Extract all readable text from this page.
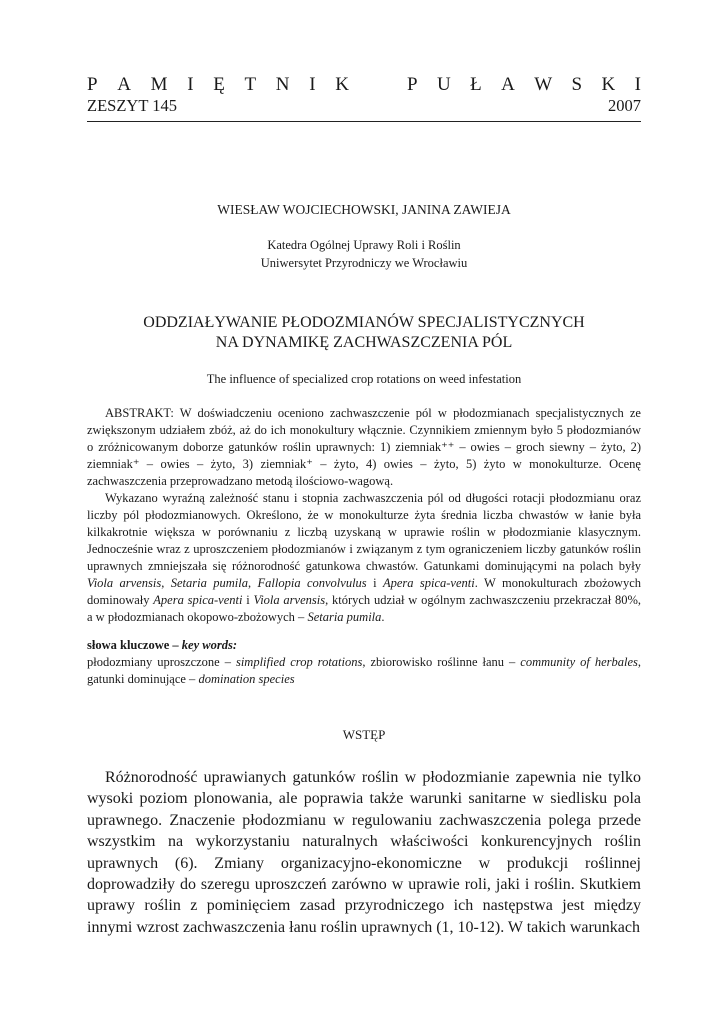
P A M I Ę T N I K	P U Ł A W S K I
ZESZYT 145	2007
WIESŁAW WOJCIECHOWSKI, JANINA ZAWIEJA
Katedra Ogólnej Uprawy Roli i Roślin
Uniwersytet Przyrodniczy we Wrocławiu
ODDZIAŁYWANIE PŁODOZMIANÓW SPECJALISTYCZNYCH
NA DYNAMIKĘ ZACHWASZCZENIA PÓL
The influence of specialized crop rotations on weed infestation

ABSTRAKT: W doświadczeniu oceniono zachwaszczenie pól w płodozmianach specjalistycznych ze zwiększonym udziałem zbóż, aż do ich monokultury włącznie. Czynnikiem zmiennym było 5 płodozmianów o zróżnicowanym doborze gatunków roślin uprawnych: 1) ziemniak⁺⁺ – owies – groch siewny – żyto, 2) ziemniak⁺ – owies – żyto, 3) ziemniak⁺ – żyto, 4) owies – żyto, 5) żyto w monokulturze. Ocenę zachwaszczenia przeprowadzano metodą ilościowo-wagową.

Wykazano wyraźną zależność stanu i stopnia zachwaszczenia pól od długości rotacji płodozmianu oraz liczby pól płodozmianowych. Określono, że w monokulturze żyta średnia liczba chwastów w łanie była kilkakrotnie większa w porównaniu z liczbą uzyskaną w uprawie roślin w płodozmianie klasycznym. Jednocześnie wraz z uproszczeniem płodozmianów i związanym z tym ograniczeniem liczby gatunków roślin uprawnych zmniejszała się różnorodność gatunkowa chwastów. Gatunkami dominującymi na polach były Viola arvensis, Setaria pumila, Fallopia convolvulus i Apera spica-venti. W monokulturach zbożowych dominowały Apera spica-venti i Viola arvensis, których udział w ogólnym zachwaszczeniu przekraczał 80%, a w płodozmianach okopowo-zbożowych – Setaria pumila.

słowa kluczowe – key words:

płodozmiany uproszczone – simplified crop rotations, zbiorowisko roślinne łanu – community of herbales, gatunki dominujące – domination species

WSTĘP

Różnorodność uprawianych gatunków roślin w płodozmianie zapewnia nie tylko wysoki poziom plonowania, ale poprawia także warunki sanitarne w siedlisku pola uprawnego. Znaczenie płodozmianu w regulowaniu zachwaszczenia polega przede wszystkim na wykorzystaniu naturalnych właściwości konkurencyjnych roślin uprawnych (6). Zmiany organizacyjno-ekonomiczne w produkcji roślinnej doprowadziły do szeregu uproszczeń zarówno w uprawie roli, jaki i roślin. Skutkiem uprawy roślin z pominięciem zasad przyrodniczego ich następstwa jest między innymi wzrost zachwaszczenia łanu roślin uprawnych (1, 10-12). W takich warunkach
